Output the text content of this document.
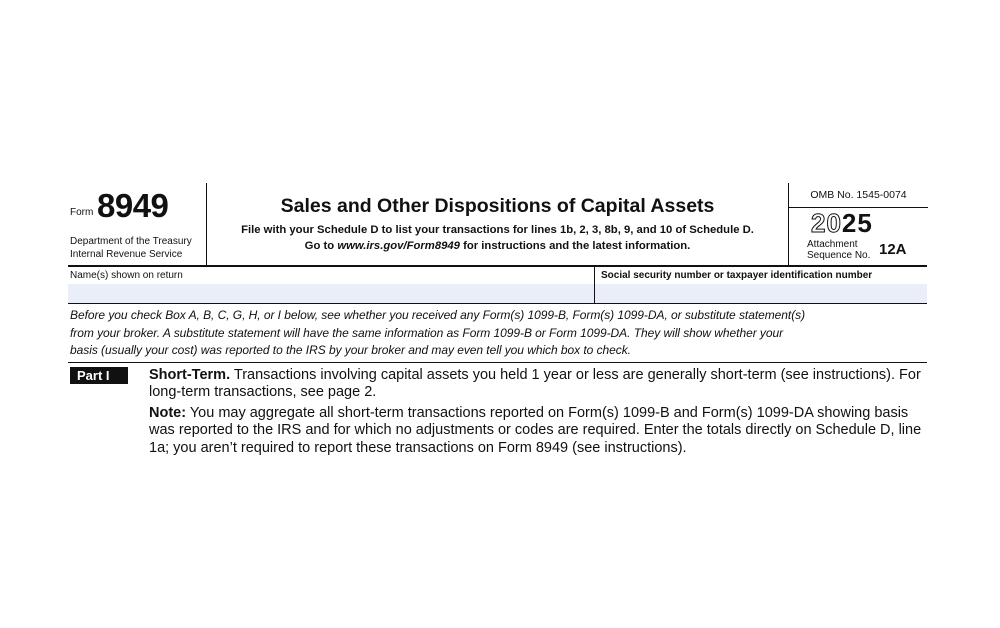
Form 8949
Department of the Treasury
Internal Revenue Service
Sales and Other Dispositions of Capital Assets
File with your Schedule D to list your transactions for lines 1b, 2, 3, 8b, 9, and 10 of Schedule D.
Go to www.irs.gov/Form8949 for instructions and the latest information.
OMB No. 1545-0074
2025
Attachment
Sequence No. 12A
Name(s) shown on return	Social security number or taxpayer identification number
Before you check Box A, B, C, G, H, or I below, see whether you received any Form(s) 1099-B, Form(s) 1099-DA, or substitute statement(s)
from your broker. A substitute statement will have the same information as Form 1099-B or Form 1099-DA. They will show whether your
basis (usually your cost) was reported to the IRS by your broker and may even tell you which box to check.
Part I	Short-Term. Transactions involving capital assets you held 1 year or less are generally short-term (see instructions). For long-term transactions, see page 2.
Note: You may aggregate all short-term transactions reported on Form(s) 1099-B and Form(s) 1099-DA showing basis was reported to the IRS and for which no adjustments or codes are required. Enter the totals directly on Schedule D, line 1a; you aren’t required to report these transactions on Form 8949 (see instructions).
